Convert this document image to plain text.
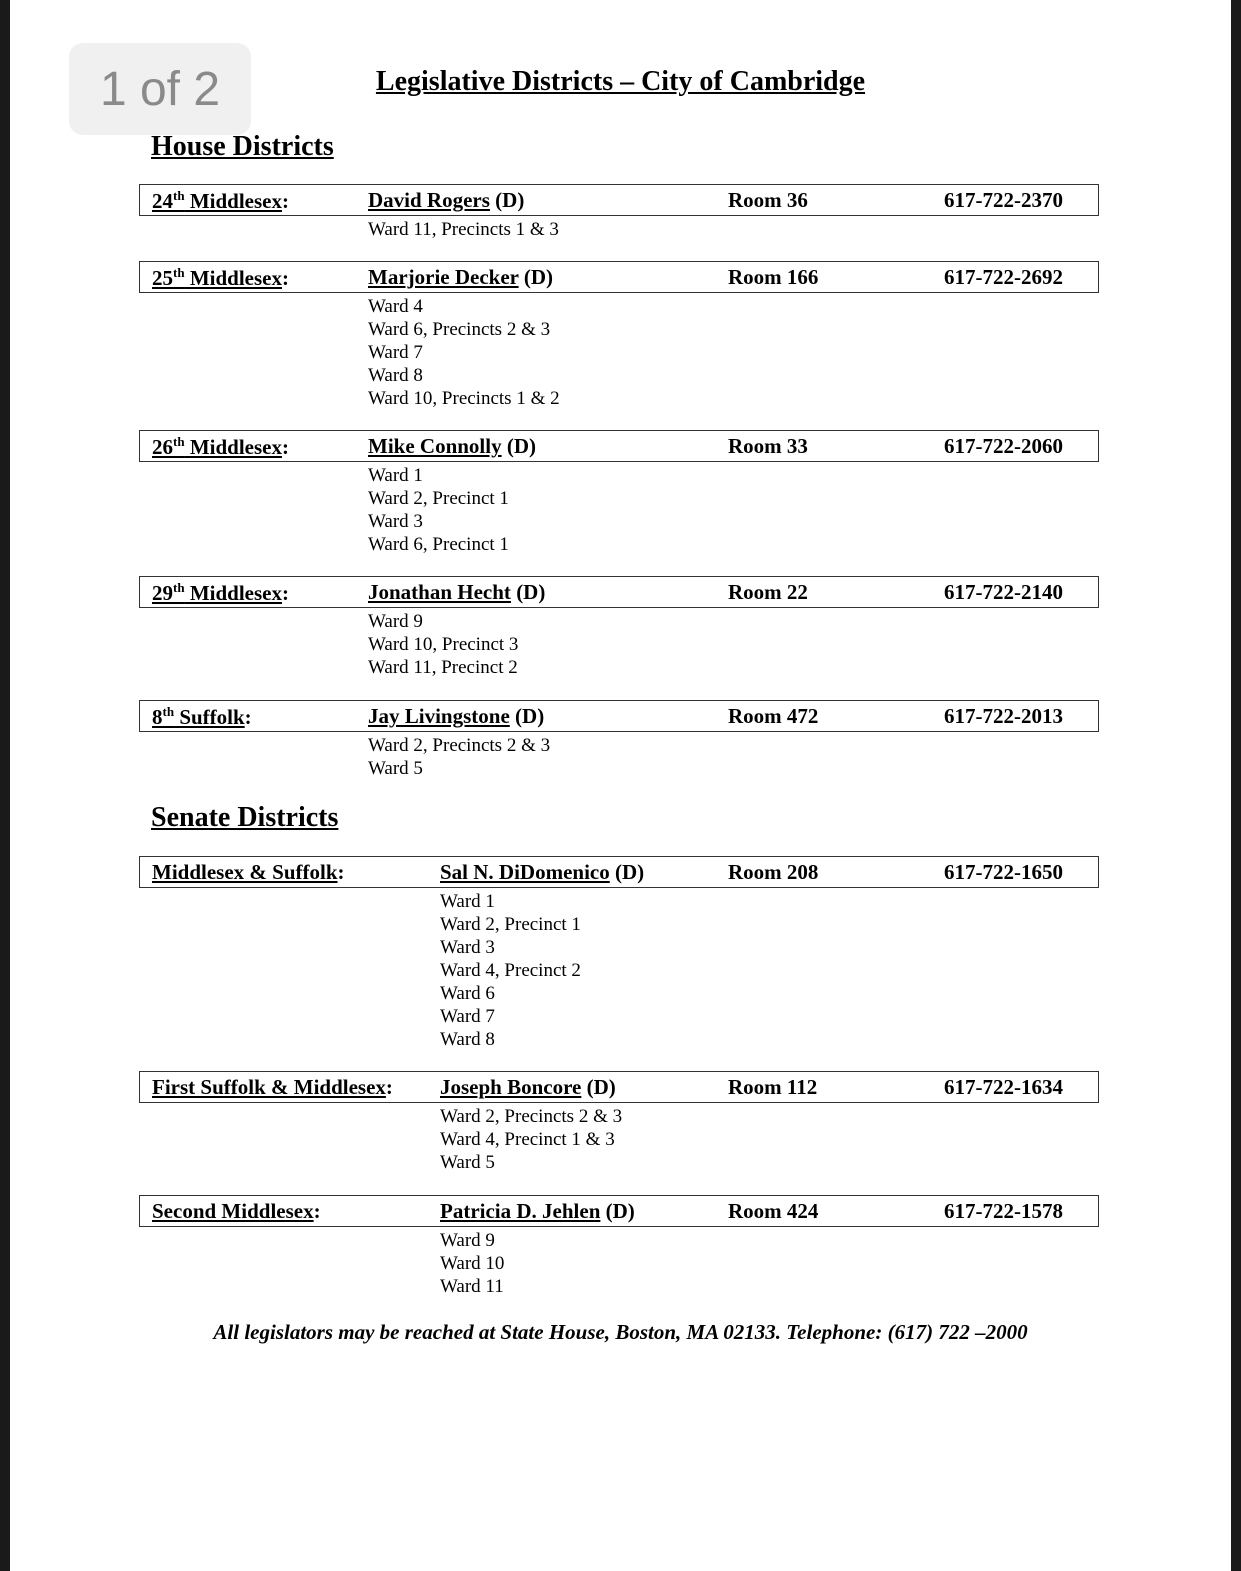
1 of 2	Legislative Districts – City of Cambridge
House Districts
24th Middlesex:	David Rogers (D)	Room 36	617-722-2370
Ward 11, Precincts 1 & 3
25th Middlesex:	Marjorie Decker (D)	Room 166	617-722-2692
Ward 4
Ward 6, Precincts 2 & 3
Ward 7
Ward 8
Ward 10, Precincts 1 & 2
26th Middlesex:	Mike Connolly (D)	Room 33	617-722-2060
Ward 1
Ward 2, Precinct 1
Ward 3
Ward 6, Precinct 1
29th Middlesex:	Jonathan Hecht (D)	Room 22	617-722-2140
Ward 9
Ward 10, Precinct 3
Ward 11, Precinct 2
8th Suffolk:	Jay Livingstone (D)	Room 472	617-722-2013
Ward 2, Precincts 2 & 3
Ward 5
Senate Districts
Middlesex & Suffolk:	Sal N. DiDomenico (D)	Room 208	617-722-1650
Ward 1
Ward 2, Precinct 1
Ward 3
Ward 4, Precinct 2
Ward 6
Ward 7
Ward 8
First Suffolk & Middlesex: Joseph Boncore (D)	Room 112	617-722-1634
Ward 2, Precincts 2 & 3
Ward 4, Precinct 1 & 3
Ward 5
Second Middlesex:	Patricia D. Jehlen (D)	Room 424	617-722-1578
Ward 9
Ward 10
Ward 11
All legislators may be reached at State House, Boston, MA 02133. Telephone: (617) 722 –2000
